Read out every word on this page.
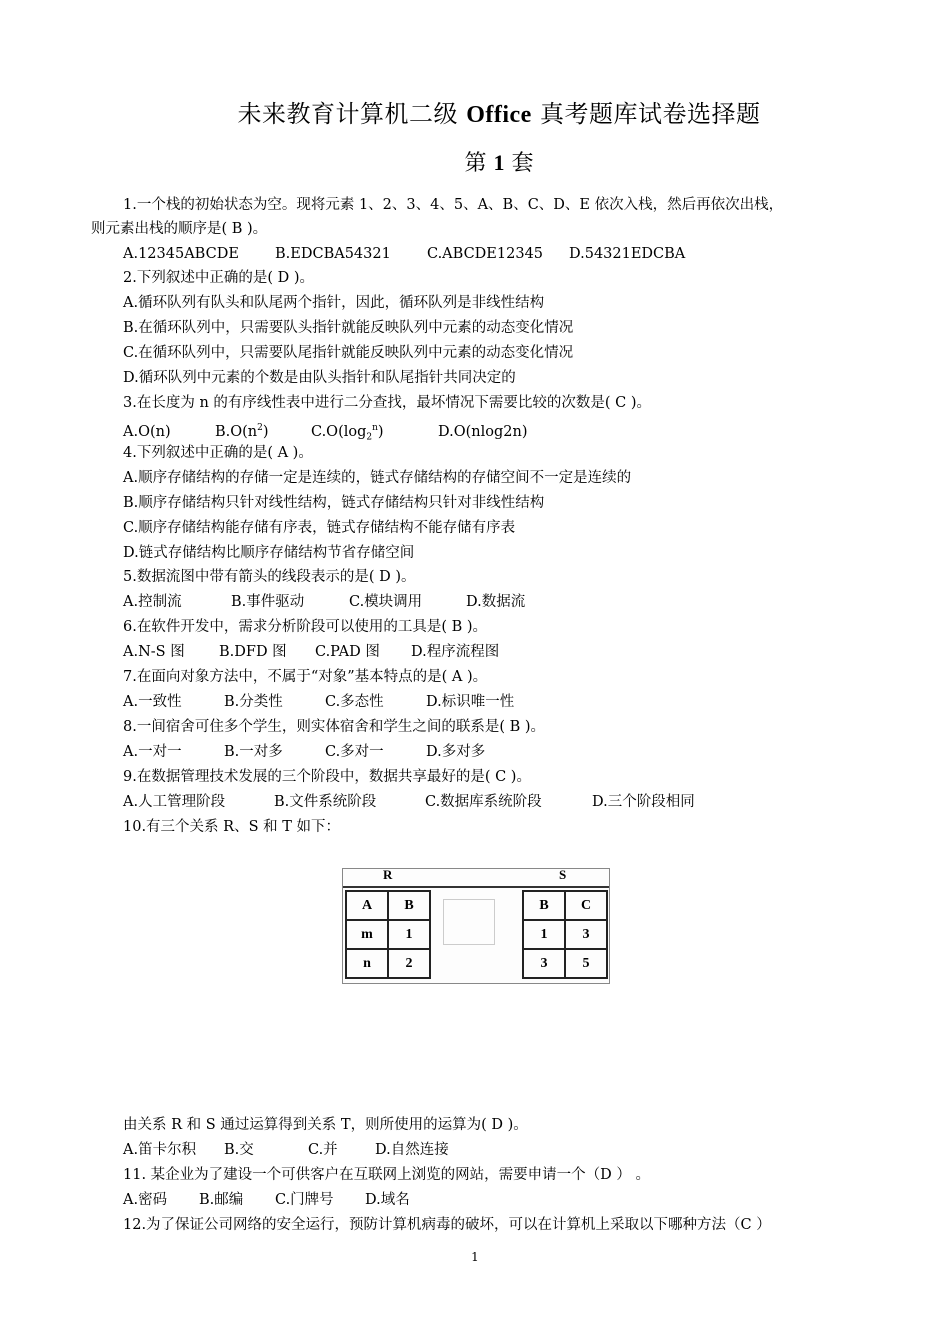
未来教育计算机二级 Office 真考题库试卷选择题
第 1 套
1.一个栈的初始状态为空。现将元素 1、2、3、4、5、A、B、C、D、E 依次入栈，然后再依次出栈，
则元素出栈的顺序是( B )。
A.12345ABCDE B.EDCBA54321 C.ABCDE12345 D.54321EDCBA
2.下列叙述中正确的是( D )。
A.循环队列有队头和队尾两个指针，因此，循环队列是非线性结构
B.在循环队列中，只需要队头指针就能反映队列中元素的动态变化情况
C.在循环队列中，只需要队尾指针就能反映队列中元素的动态变化情况
D.循环队列中元素的个数是由队头指针和队尾指针共同决定的
3.在长度为 n 的有序线性表中进行二分查找，最坏情况下需要比较的次数是( C )。
A.O(n)	$B.O(n^2)$	$C.O(\log_2^n)$	D.O(nlog2n)
4.下列叙述中正确的是( A )。
A.顺序存储结构的存储一定是连续的，链式存储结构的存储空间不一定是连续的
B.顺序存储结构只针对线性结构，链式存储结构只针对非线性结构
C.顺序存储结构能存储有序表，链式存储结构不能存储有序表
D.链式存储结构比顺序存储结构节省存储空间
5.数据流图中带有箭头的线段表示的是( D )。
A.控制流	B.事件驱动	C.模块调用	D.数据流
6.在软件开发中，需求分析阶段可以使用的工具是( B )。
A.N-S 图 B.DFD 图 C.PAD 图 D.程序流程图
7.在面向对象方法中，不属于“对象”基本特点的是( A )。
A.一致性	B.分类性	C.多态性	D.标识唯一性
8.一间宿舍可住多个学生，则实体宿舍和学生之间的联系是( B )。
A.一对一	B.一对多	C.多对一	D.多对多
9.在数据管理技术发展的三个阶段中，数据共享最好的是( C )。
A.人工管理阶段	B.文件系统阶段	C.数据库系统阶段	D.三个阶段相同
10.有三个关系 R、S 和 T 如下：
R	S
A	B
m	1
n	2
B	C
1	3
3	5
由关系 R 和 S 通过运算得到关系 T，则所使用的运算为( D )。
A.笛卡尔积 B.交	C.并	D.自然连接
11. 某企业为了建设一个可供客户在互联网上浏览的网站，需要申请一个（D ） 。
A.密码 B.邮编 C.门牌号 D.域名
12.为了保证公司网络的安全运行，预防计算机病毒的破坏，可以在计算机上采取以下哪种方法（C ）
1
